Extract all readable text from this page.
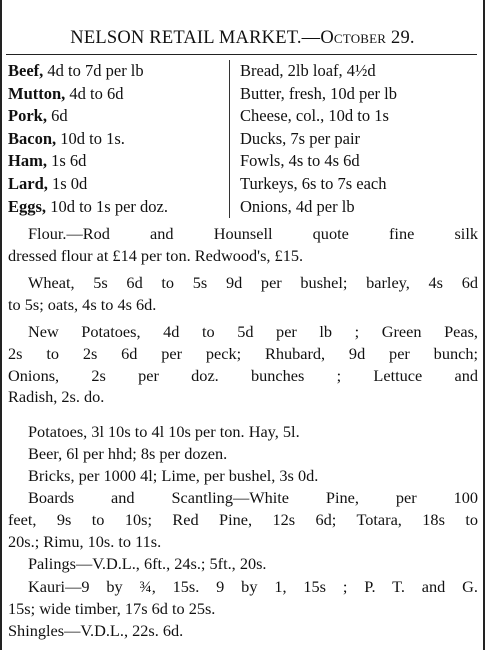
NELSON RETAIL MARKET.—October 29.
Beef, 4d to 7d per lb	Bread, 2lb loaf, 4½d
Mutton, 4d to 6d	Butter, fresh, 10d per lb
Pork, 6d	Cheese, col., 10d to 1s
Bacon, 10d to 1s.	Ducks, 7s per pair
Ham, 1s 6d	Fowls, 4s to 4s 6d
Lard, 1s 0d	Turkeys, 6s to 7s each
Eggs, 10d to 1s per doz.	Onions, 4d per lb
Flour.—Rod and Hounsell quote fine silk
dressed flour at £14 per ton. Redwood's, £15.
Wheat, 5s 6d to 5s 9d per bushel; barley, 4s 6d
to 5s; oats, 4s to 4s 6d.
New Potatoes, 4d to 5d per lb ; Green Peas,
2s to 2s 6d per peck; Rhubard, 9d per bunch;
Onions, 2s per doz. bunches ; Lettuce and
Radish, 2s. do.
Potatoes, 3l 10s to 4l 10s per ton. Hay, 5l.
Beer, 6l per hhd; 8s per dozen.
Bricks, per 1000 4l; Lime, per bushel, 3s 0d.
Boards and Scantling—White Pine, per 100
feet, 9s to 10s; Red Pine, 12s 6d; Totara, 18s to
20s.; Rimu, 10s. to 11s.
Palings—V.D.L., 6ft., 24s.; 5ft., 20s.
Kauri—9 by ¾, 15s. 9 by 1, 15s ; P. T. and G.
15s; wide timber, 17s 6d to 25s.
Shingles—V.D.L., 22s. 6d.
